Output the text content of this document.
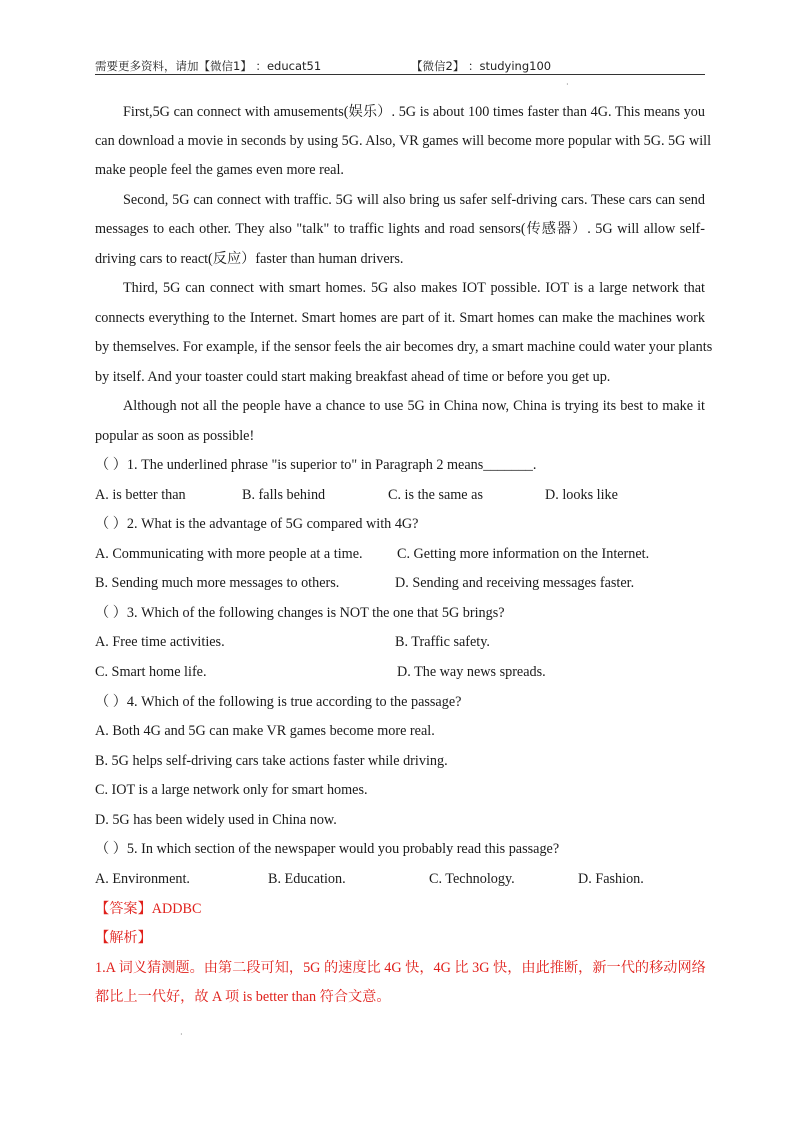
需要更多资料，请加【微信1】 ：educat51	【微信2】 ：studying100
·
First,5G can connect with amusements(娱乐）. 5G is about 100 times faster than 4G. This means you
can download a movie in seconds by using 5G. Also, VR games will become more popular with 5G. 5G will
make people feel the games even more real.
Second, 5G can connect with traffic. 5G will also bring us safer self-driving cars. These cars can send
messages to each other. They also "talk" to traffic lights and road sensors(传感器）. 5G will allow self-
driving cars to react(反应）faster than human drivers.
Third, 5G can connect with smart homes. 5G also makes IOT possible. IOT is a large network that
connects everything to the Internet. Smart homes are part of it. Smart homes can make the machines work
by themselves. For example, if the sensor feels the air becomes dry, a smart machine could water your plants
by itself. And your toaster could start making breakfast ahead of time or before you get up.
Although not all the people have a chance to use 5G in China now, China is trying its best to make it
popular as soon as possible!
（ ）1. The underlined phrase "is superior to" in Paragraph 2 means_______.
A. is better than	B. falls behind	C. is the same as	D. looks like
（ ）2. What is the advantage of 5G compared with 4G?
A. Communicating with more people at a time. C. Getting more information on the Internet.
B. Sending much more messages to others.	D. Sending and receiving messages faster.
（ ）3. Which of the following changes is NOT the one that 5G brings?
A. Free time activities.	B. Traffic safety.
C. Smart home life.	D. The way news spreads.
（ ）4. Which of the following is true according to the passage?
A. Both 4G and 5G can make VR games become more real.
B. 5G helps self-driving cars take actions faster while driving.
C. IOT is a large network only for smart homes.
D. 5G has been widely used in China now.
（ ）5. In which section of the newspaper would you probably read this passage?
A. Environment.	B. Education.	C. Technology.	D. Fashion.
【答案】ADDBC
【解析】
1.A 词义猜测题。由第二段可知，5G 的速度比 4G 快，4G 比 3G 快，由此推断，新一代的移动网络
都比上一代好，故 A 项 is better than 符合文意。
·
